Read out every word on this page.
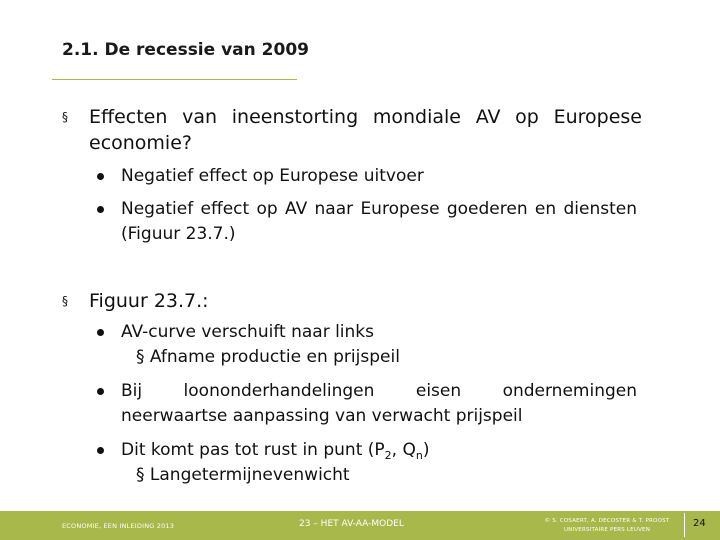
2.1. De recessie van 2009
§	Effecten van ineenstorting mondiale AV op Europese economie?
Negatief effect op Europese uitvoer
Negatief effect op AV naar Europese goederen en diensten (Figuur 23.7.)
§	Figuur 23.7.:
AV-curve verschuift naar links
§ Afname productie en prijspeil
Bij loononderhandelingen eisen ondernemingen neerwaartse aanpassing van verwacht prijspeil
Dit komt pas tot rust in punt ($P_2$, $Q_n$)
§ Langetermijnevenwicht
ECONOMIE, EEN INLEIDING 2013	23 – HET AV-AA-MODEL	© S. COSAERT, A. DECOSTER & T. PROOST
UNIVERSITAIRE PERS LEUVEN
24
